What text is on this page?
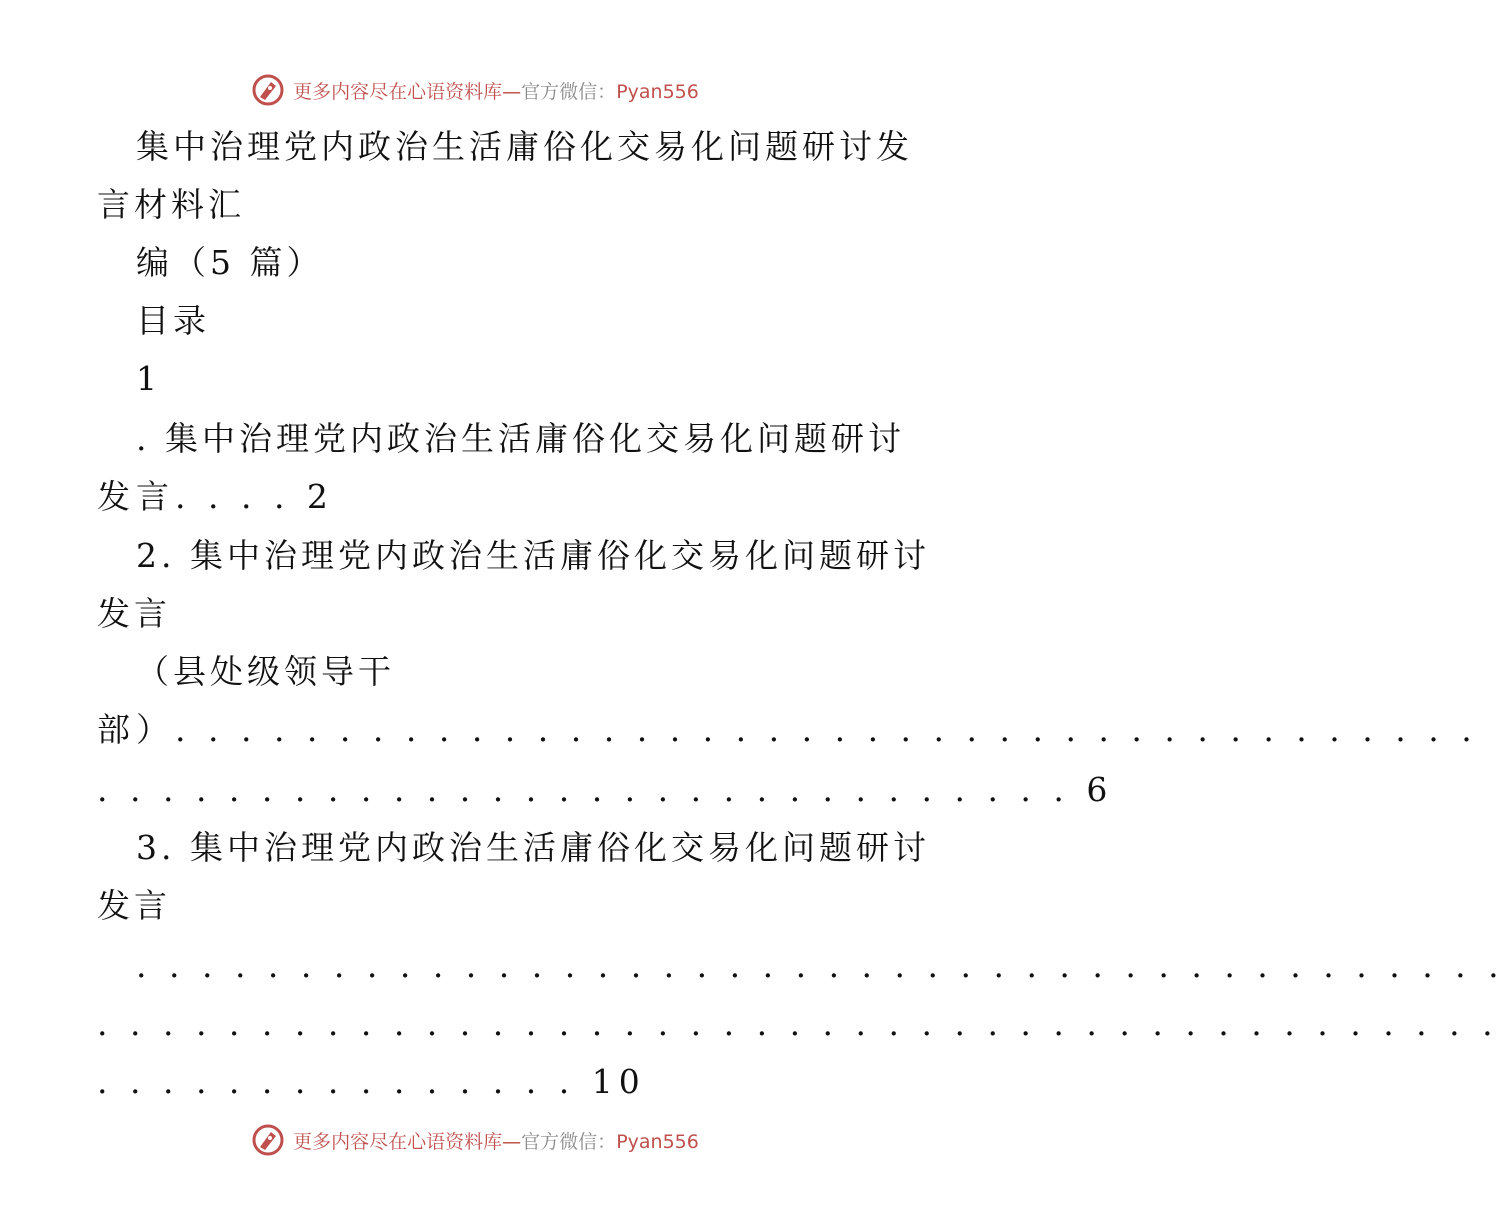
更多内容尽在心语资料库—官方微信：Pyan556
集中治理党内政治生活庸俗化交易化问题研讨发
言材料汇
编（5 篇）
目录
1
. 集中治理党内政治生活庸俗化交易化问题研讨
发言. . . . 2
2. 集中治理党内政治生活庸俗化交易化问题研讨
发言
（县处级领导干
部）. . . . . . . . . . . . . . . . . . . . . . . . . . . . . . . . . . . . . . . .
. . . . . . . . . . . . . . . . . . . . . . . . . . . . . . 6
3. 集中治理党内政治生活庸俗化交易化问题研讨
发言
. . . . . . . . . . . . . . . . . . . . . . . . . . . . . . . . . . . . . . . . . .
. . . . . . . . . . . . . . . . . . . . . . . . . . . . . . . . . . . . . . . . . . .
. . . . . . . . . . . . . . . 10
更多内容尽在心语资料库—官方微信：Pyan556
